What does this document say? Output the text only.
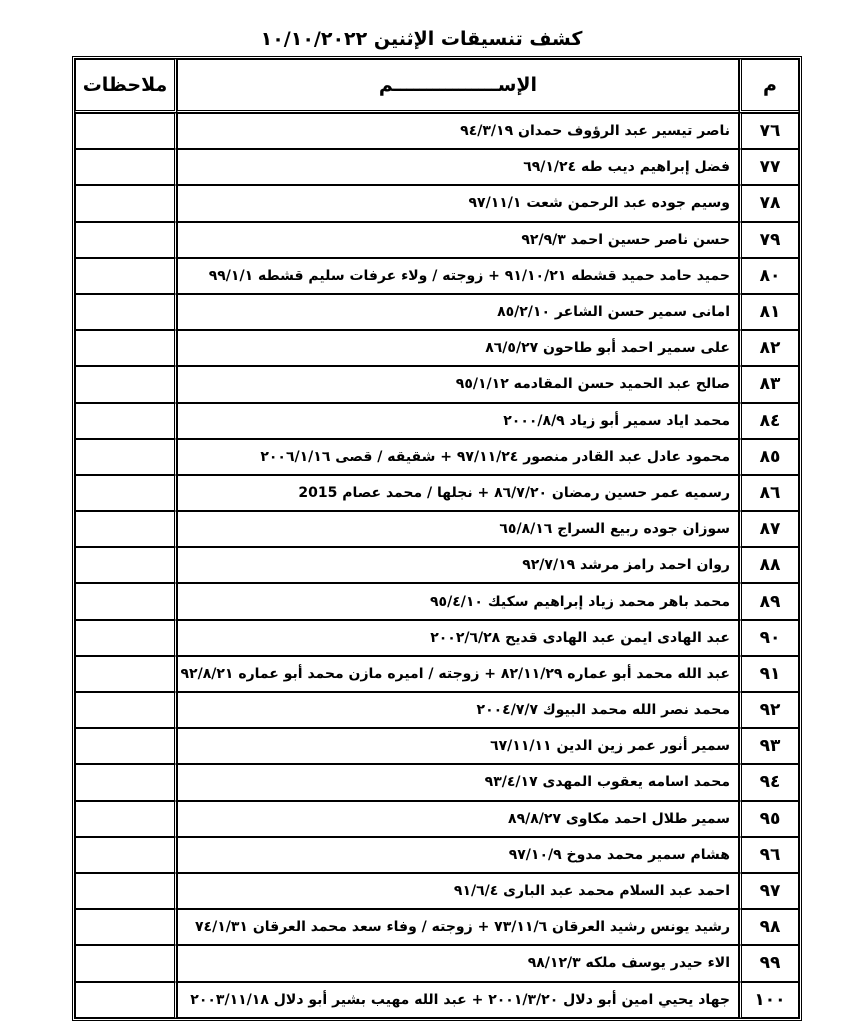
كشف تنسيقات الإثنين ١٠/١٠/٢٠٢٢
م	الإســــــــــــــــم	ملاحظات
٧٦	ناصر تيسير عبد الرؤوف حمدان ٩٤/٣/١٩	
٧٧	فضل إبراهيم ديب طه ٦٩/١/٢٤	
٧٨	وسيم جوده عبد الرحمن شعت ٩٧/١١/١	
٧٩	حسن ناصر حسين احمد ٩٢/٩/٣	
٨٠	حميد حامد حميد قشطه ٩١/١٠/٢١ + زوجته / ولاء عرفات سليم قشطه ٩٩/١/١	
٨١	امانى سمير حسن الشاعر ٨٥/٢/١٠	
٨٢	على سمير احمد أبو طاحون ٨٦/٥/٢٧	
٨٣	صالح عبد الحميد حسن المقادمه ٩٥/١/١٢	
٨٤	محمد اياد سمير أبو زياد ٢٠٠٠/٨/٩	
٨٥	محمود عادل عبد القادر منصور ٩٧/١١/٢٤ + شقيقه / قصى ٢٠٠٦/١/١٦	
٨٦	رسميه عمر حسين رمضان ٨٦/٧/٢٠ + نجلها / محمد عصام 2015	
٨٧	سوزان جوده ربيع السراج ٦٥/٨/١٦	
٨٨	روان احمد رامز مرشد ٩٢/٧/١٩	
٨٩	محمد باهر محمد زياد إبراهيم سكيك ٩٥/٤/١٠	
٩٠	عبد الهادى ايمن عبد الهادى قديح ٢٠٠٢/٦/٢٨	
٩١	عبد الله محمد أبو عماره ٨٢/١١/٢٩ + زوجته / اميره مازن محمد أبو عماره ٩٢/٨/٢١	
٩٢	محمد نصر الله محمد البيوك ٢٠٠٤/٧/٧	
٩٣	سمير أنور عمر زين الدين ٦٧/١١/١١	
٩٤	محمد اسامه يعقوب المهدى ٩٣/٤/١٧	
٩٥	سمير طلال احمد مكاوى ٨٩/٨/٢٧	
٩٦	هشام سمير محمد مدوخ ٩٧/١٠/٩	
٩٧	احمد عبد السلام محمد عبد البارى ٩١/٦/٤	
٩٨	رشيد يونس رشيد العرقان ٧٣/١١/٦ + زوجته / وفاء سعد محمد العرقان ٧٤/١/٣١	
٩٩	الاء حيدر يوسف ملكه ٩٨/١٢/٣	
١٠٠	جهاد يحيي امين أبو دلال ٢٠٠١/٣/٢٠ + عبد الله مهيب بشير أبو دلال ٢٠٠٣/١١/١٨	
